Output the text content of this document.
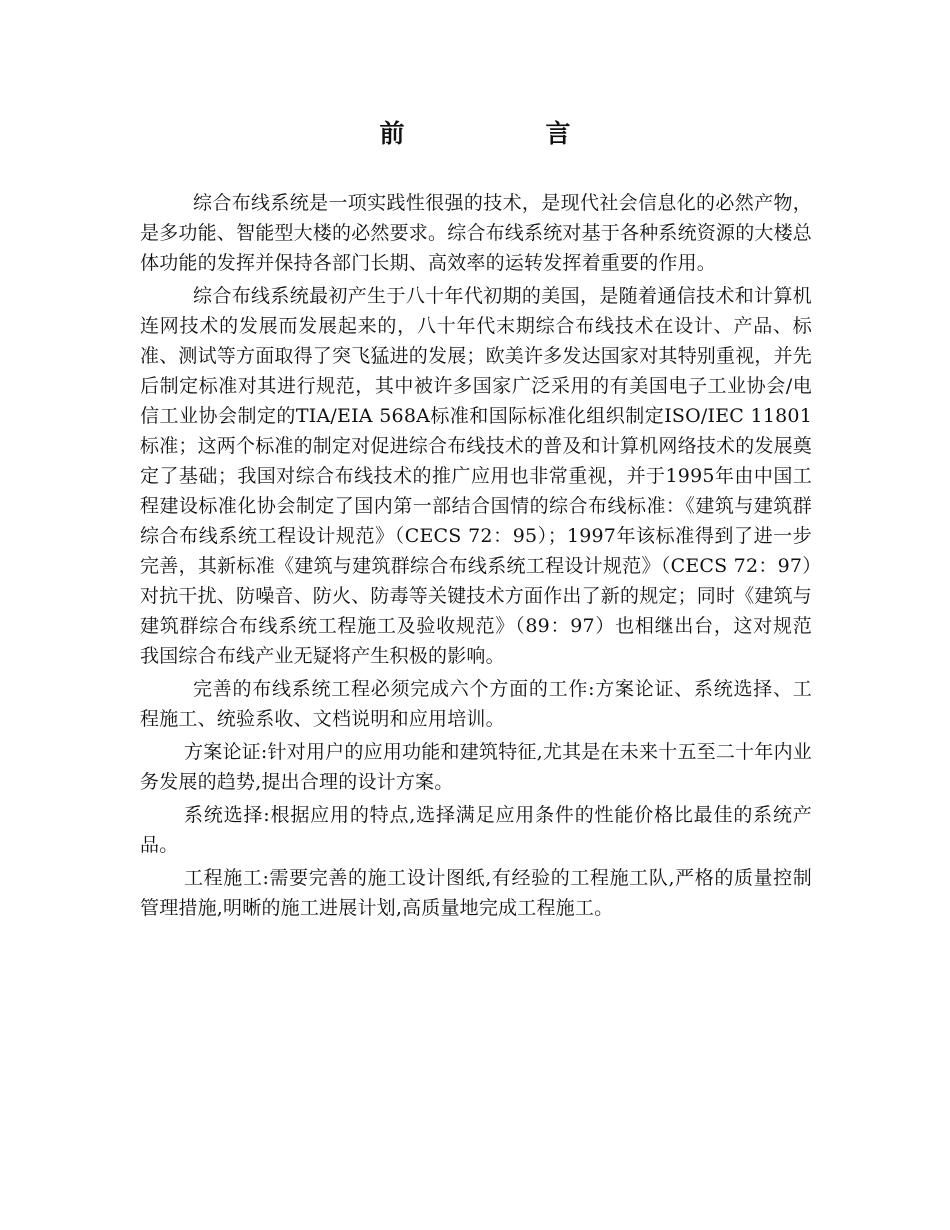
前　言

综合布线系统是一项实践性很强的技术，是现代社会信息化的必然产物，是多功能、智能型大楼的必然要求。综合布线系统对基于各种系统资源的大楼总体功能的发挥并保持各部门长期、高效率的运转发挥着重要的作用。

综合布线系统最初产生于八十年代初期的美国，是随着通信技术和计算机连网技术的发展而发展起来的，八十年代末期综合布线技术在设计、产品、标准、测试等方面取得了突飞猛进的发展；欧美许多发达国家对其特别重视，并先后制定标准对其进行规范，其中被许多国家广泛采用的有美国电子工业协会/电信工业协会制定的TIA/EIA 568A标准和国际标准化组织制定ISO/IEC 11801标准；这两个标准的制定对促进综合布线技术的普及和计算机网络技术的发展奠定了基础；我国对综合布线技术的推广应用也非常重视，并于1995年由中国工程建设标准化协会制定了国内第一部结合国情的综合布线标准：《建筑与建筑群综合布线系统工程设计规范》（CECS 72：95）；1997年该标准得到了进一步完善，其新标准《建筑与建筑群综合布线系统工程设计规范》（CECS 72：97）对抗干扰、防噪音、防火、防毒等关键技术方面作出了新的规定；同时《建筑与建筑群综合布线系统工程施工及验收规范》（89：97）也相继出台，这对规范我国综合布线产业无疑将产生积极的影响。

完善的布线系统工程必须完成六个方面的工作:方案论证、系统选择、工程施工、统验系收、文档说明和应用培训。

方案论证:针对用户的应用功能和建筑特征,尤其是在未来十五至二十年内业务发展的趋势,提出合理的设计方案。

系统选择:根据应用的特点,选择满足应用条件的性能价格比最佳的系统产品。

工程施工:需要完善的施工设计图纸,有经验的工程施工队,严格的质量控制管理措施,明晰的施工进展计划,高质量地完成工程施工。
